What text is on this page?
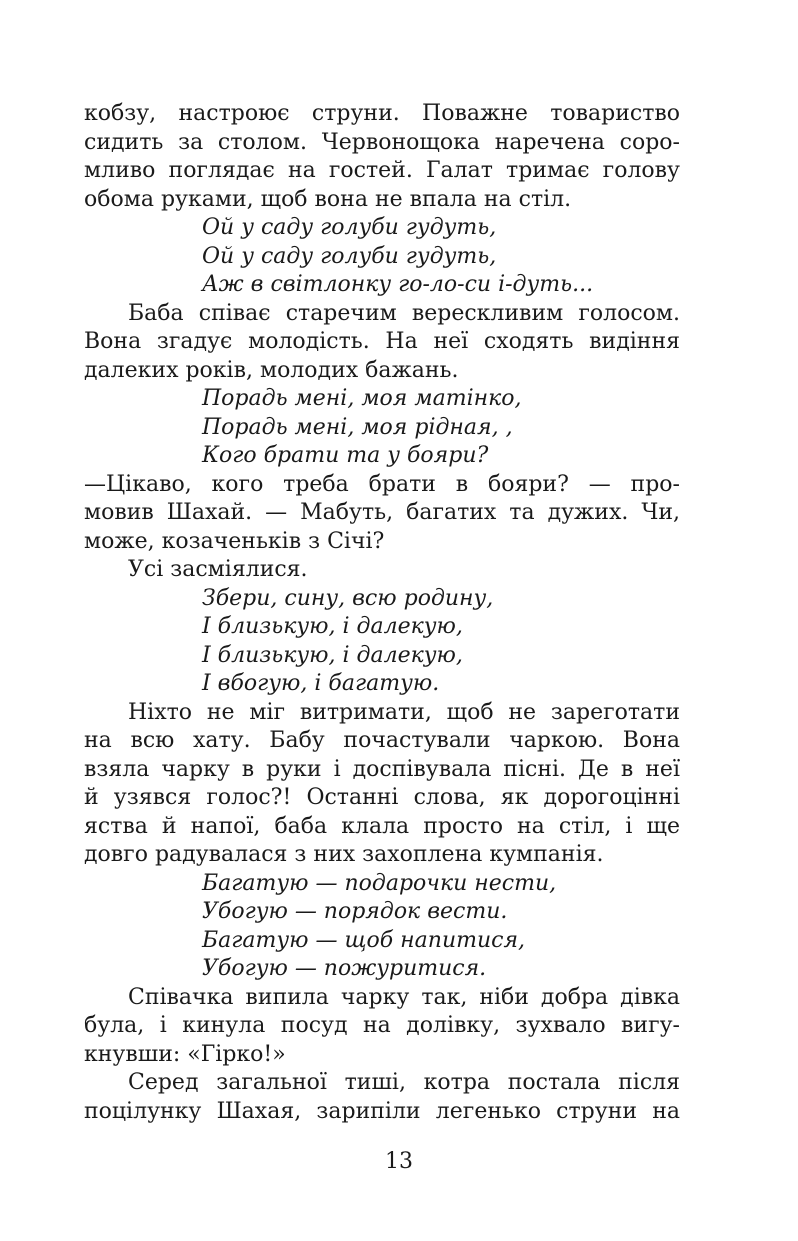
кобзу, настроює струни. Поважне товариство
сидить за столом. Червонощока наречена соро-
мливо поглядає на гостей. Галат тримає голову
обома руками, щоб вона не впала на стіл.
Ой у саду голуби гудуть,
Ой у саду голуби гудуть,
Аж в світлонку го-ло-си і-дуть...
Баба співає старечим верескливим голосом.
Вона згадує молодість. На неї сходять видіння
далеких років, молодих бажань.
Порадь мені, моя матінко,
Порадь мені, моя рідная, ,
Кого брати та у бояри?
—Цікаво, кого треба брати в бояри? — про-
мовив Шахай. — Мабуть, багатих та дужих. Чи,
може, козаченьків з Січі?
Усі засміялися.
Збери, сину, всю родину,
І близькую, і далекую,
І близькую, і далекую,
І вбогую, і багатую.
Ніхто не міг витримати, щоб не зареготати
на всю хату. Бабу почастували чаркою. Вона
взяла чарку в руки і доспівувала пісні. Де в неї
й узявся голос?! Останні слова, як дорогоцінні
яства й напої, баба клала просто на стіл, і ще
довго радувалася з них захоплена кумпанія.
Багатую — подарочки нести,
Убогую — порядок вести.
Багатую — щоб напитися,
Убогую — пожуритися.
Співачка випила чарку так, ніби добра дівка
була, і кинула посуд на долівку, зухвало вигу-
кнувши: «Гірко!»
Серед загальної тиші, котра постала після
поцілунку Шахая, зарипіли легенько струни на
13
